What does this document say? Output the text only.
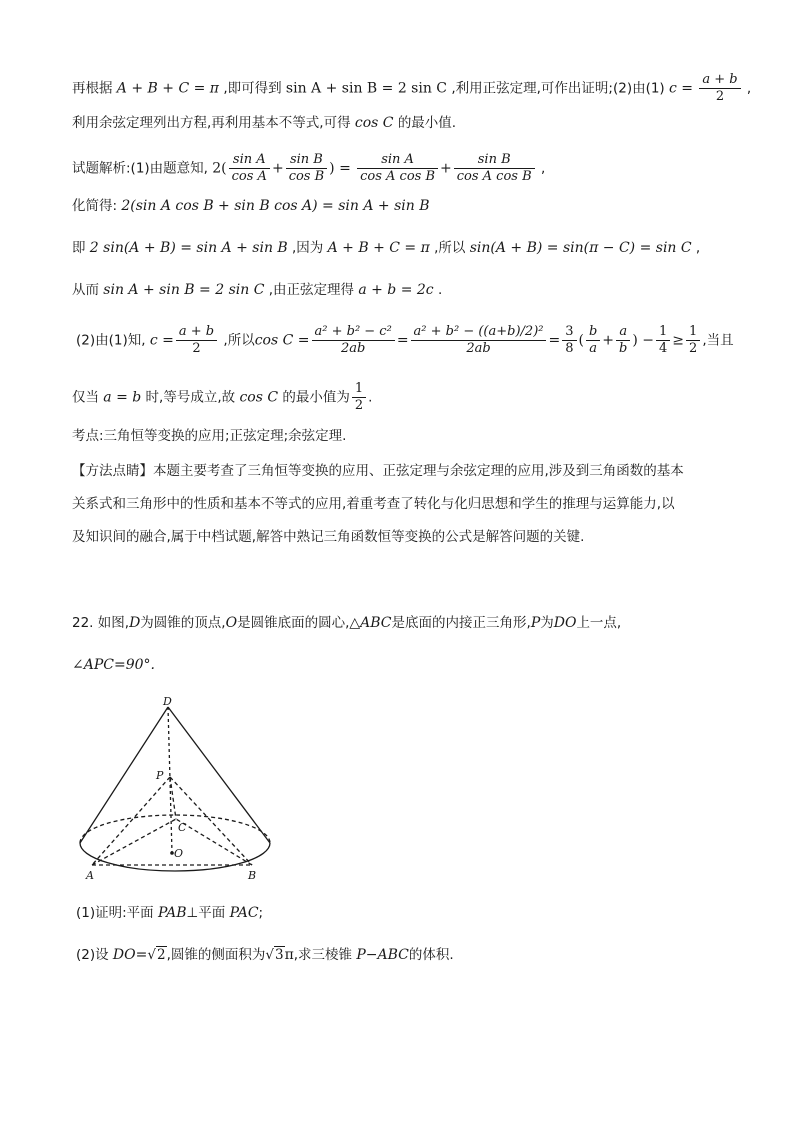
再根据 A + B + C = π ,即可得到 sin A + sin B = 2 sin C ,利用正弦定理,可作出证明;(2)由(1) $c = \frac{a + b}{2}$ ,
利用余弦定理列出方程,再利用基本不等式,可得 cos C 的最小值.
试题解析:(1)由题意知, $2( \frac{\text{sin A}}{\text{cos A}} + \frac{\text{sin B}}{\text{cos B}}$ ) = $\frac{\text{sin A}}{\text{cos A cos B}} + \frac{\text{sin B}}{\text{cos A cos B}}$ ,
化简得: 2(sin A cos B + sin B cos A) = sin A + sin B
即 2 sin(A + B) = sin A + sin B ,因为 A + B + C = π ,所以 sin(A + B) = sin(π − C) = sin C ,
从而 sin A + sin B = 2 sin C ,由正弦定理得 a + b = 2c .
(2)由(1)知, $c = \frac{a + b}{2}$ ,所以$\cos C = \frac{\text{a² + b² − c²}}{2ab} = \frac{\text{a² + b² − ((a+b)/2)²}}{2ab} = \frac{3}{8}$ ( $\frac{b}{a} + \frac{a}{b}$ ) − $\frac{1}{4} \ge \frac{1}{2}$ ,当且
仅当 a = b 时,等号成立,故 cos C 的最小值为 $\frac{1}{2}$ .
考点:三角恒等变换的应用;正弦定理;余弦定理.
【方法点睛】本题主要考查了三角恒等变换的应用、正弦定理与余弦定理的应用,涉及到三角函数的基本
关系式和三角形中的性质和基本不等式的应用,着重考查了转化与化归思想和学生的推理与运算能力,以
及知识间的融合,属于中档试题,解答中熟记三角函数恒等变换的公式是解答问题的关键.
22. 如图,D为圆锥的顶点,O是圆锥底面的圆心,△ABC是底面的内接正三角形,P为DO上一点,
∠APC=90°.
D
P
C
O
A	B
(1)证明:平面 PAB⊥平面 PAC;
(2)设 DO=√2,圆锥的侧面积为√3π,求三棱锥 P−ABC的体积.
